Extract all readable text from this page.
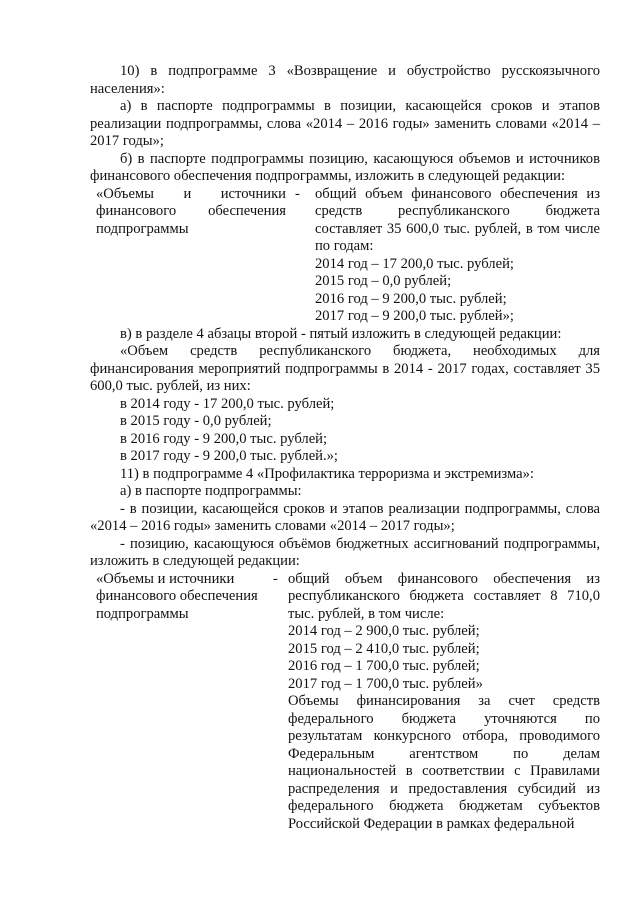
10) в подпрограмме 3 «Возвращение и обустройство русскоязычного населения»:

а) в паспорте подпрограммы в позиции, касающейся сроков и этапов реализации подпрограммы, слова «2014 – 2016 годы» заменить словами «2014 – 2017 годы»;

б) в паспорте подпрограммы позицию, касающуюся объемов и источников финансового обеспечения подпрограммы, изложить в следующей редакции:

«Объемы и источники финансового обеспечения подпрограммы
- общий объем финансового обеспечения из средств республиканского бюджета составляет 35 600,0 тыс. рублей, в том числе по годам:
2014 год – 17 200,0 тыс. рублей;
2015 год – 0,0 рублей;
2016 год – 9 200,0 тыс. рублей;
2017 год – 9 200,0 тыс. рублей»;

в) в разделе 4 абзацы второй - пятый изложить в следующей редакции:

«Объем средств республиканского бюджета, необходимых для финансирования мероприятий подпрограммы в 2014 - 2017 годах, составляет 35 600,0 тыс. рублей, из них:

в 2014 году - 17 200,0 тыс. рублей;

в 2015 году - 0,0 рублей;

в 2016 году - 9 200,0 тыс. рублей;

в 2017 году - 9 200,0 тыс. рублей.»;

11) в подпрограмме 4 «Профилактика терроризма и экстремизма»:

а) в паспорте подпрограммы:

- в позиции, касающейся сроков и этапов реализации подпрограммы, слова «2014 – 2016 годы» заменить словами «2014 – 2017 годы»;

- позицию, касающуюся объёмов бюджетных ассигнований подпрограммы, изложить в следующей редакции:

«Объемы и источники финансового обеспечения подпрограммы
- общий объем финансового обеспечения из республиканского бюджета составляет 8 710,0 тыс. рублей, в том числе:
2014 год – 2 900,0 тыс. рублей;
2015 год – 2 410,0 тыс. рублей;
2016 год – 1 700,0 тыс. рублей;
2017 год – 1 700,0 тыс. рублей»
Объемы финансирования за счет средств федерального бюджета уточняются по результатам конкурсного отбора, проводимого Федеральным агентством по делам национальностей в соответствии с Правилами распределения и предоставления субсидий из федерального бюджета бюджетам субъектов Российской Федерации в рамках федеральной
